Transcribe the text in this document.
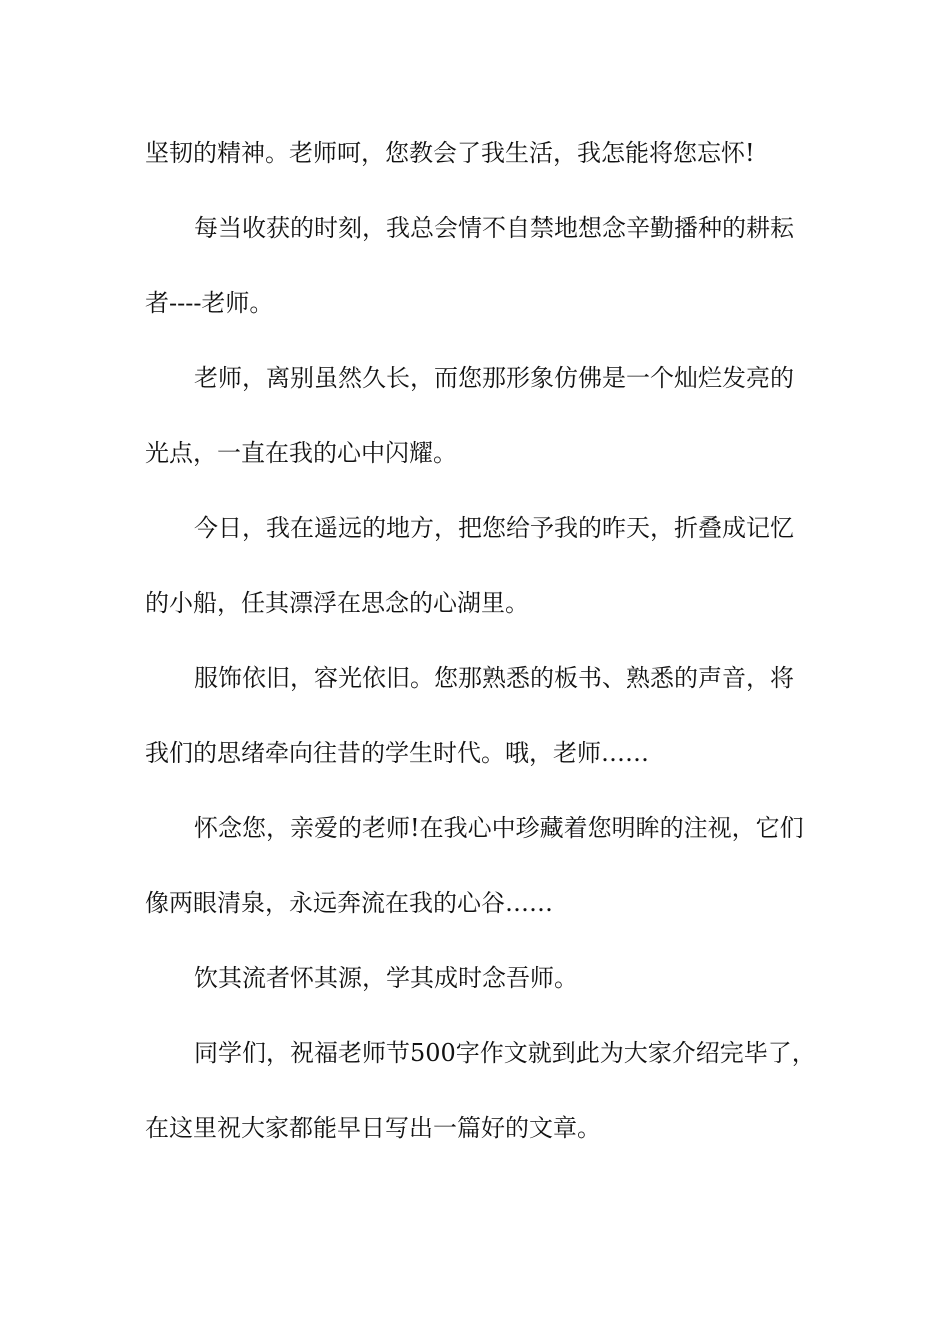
坚韧的精神。老师呵，您教会了我生活，我怎能将您忘怀!
每当收获的时刻，我总会情不自禁地想念辛勤播种的耕耘
者----老师。
老师，离别虽然久长，而您那形象仿佛是一个灿烂发亮的
光点，一直在我的心中闪耀。
今日，我在遥远的地方，把您给予我的昨天，折叠成记忆
的小船，任其漂浮在思念的心湖里。
服饰依旧，容光依旧。您那熟悉的板书、熟悉的声音，将
我们的思绪牵向往昔的学生时代。哦，老师……
怀念您，亲爱的老师!在我心中珍藏着您明眸的注视，它们
像两眼清泉，永远奔流在我的心谷……
饮其流者怀其源，学其成时念吾师。
同学们，祝福老师节500字作文就到此为大家介绍完毕了，
在这里祝大家都能早日写出一篇好的文章。
